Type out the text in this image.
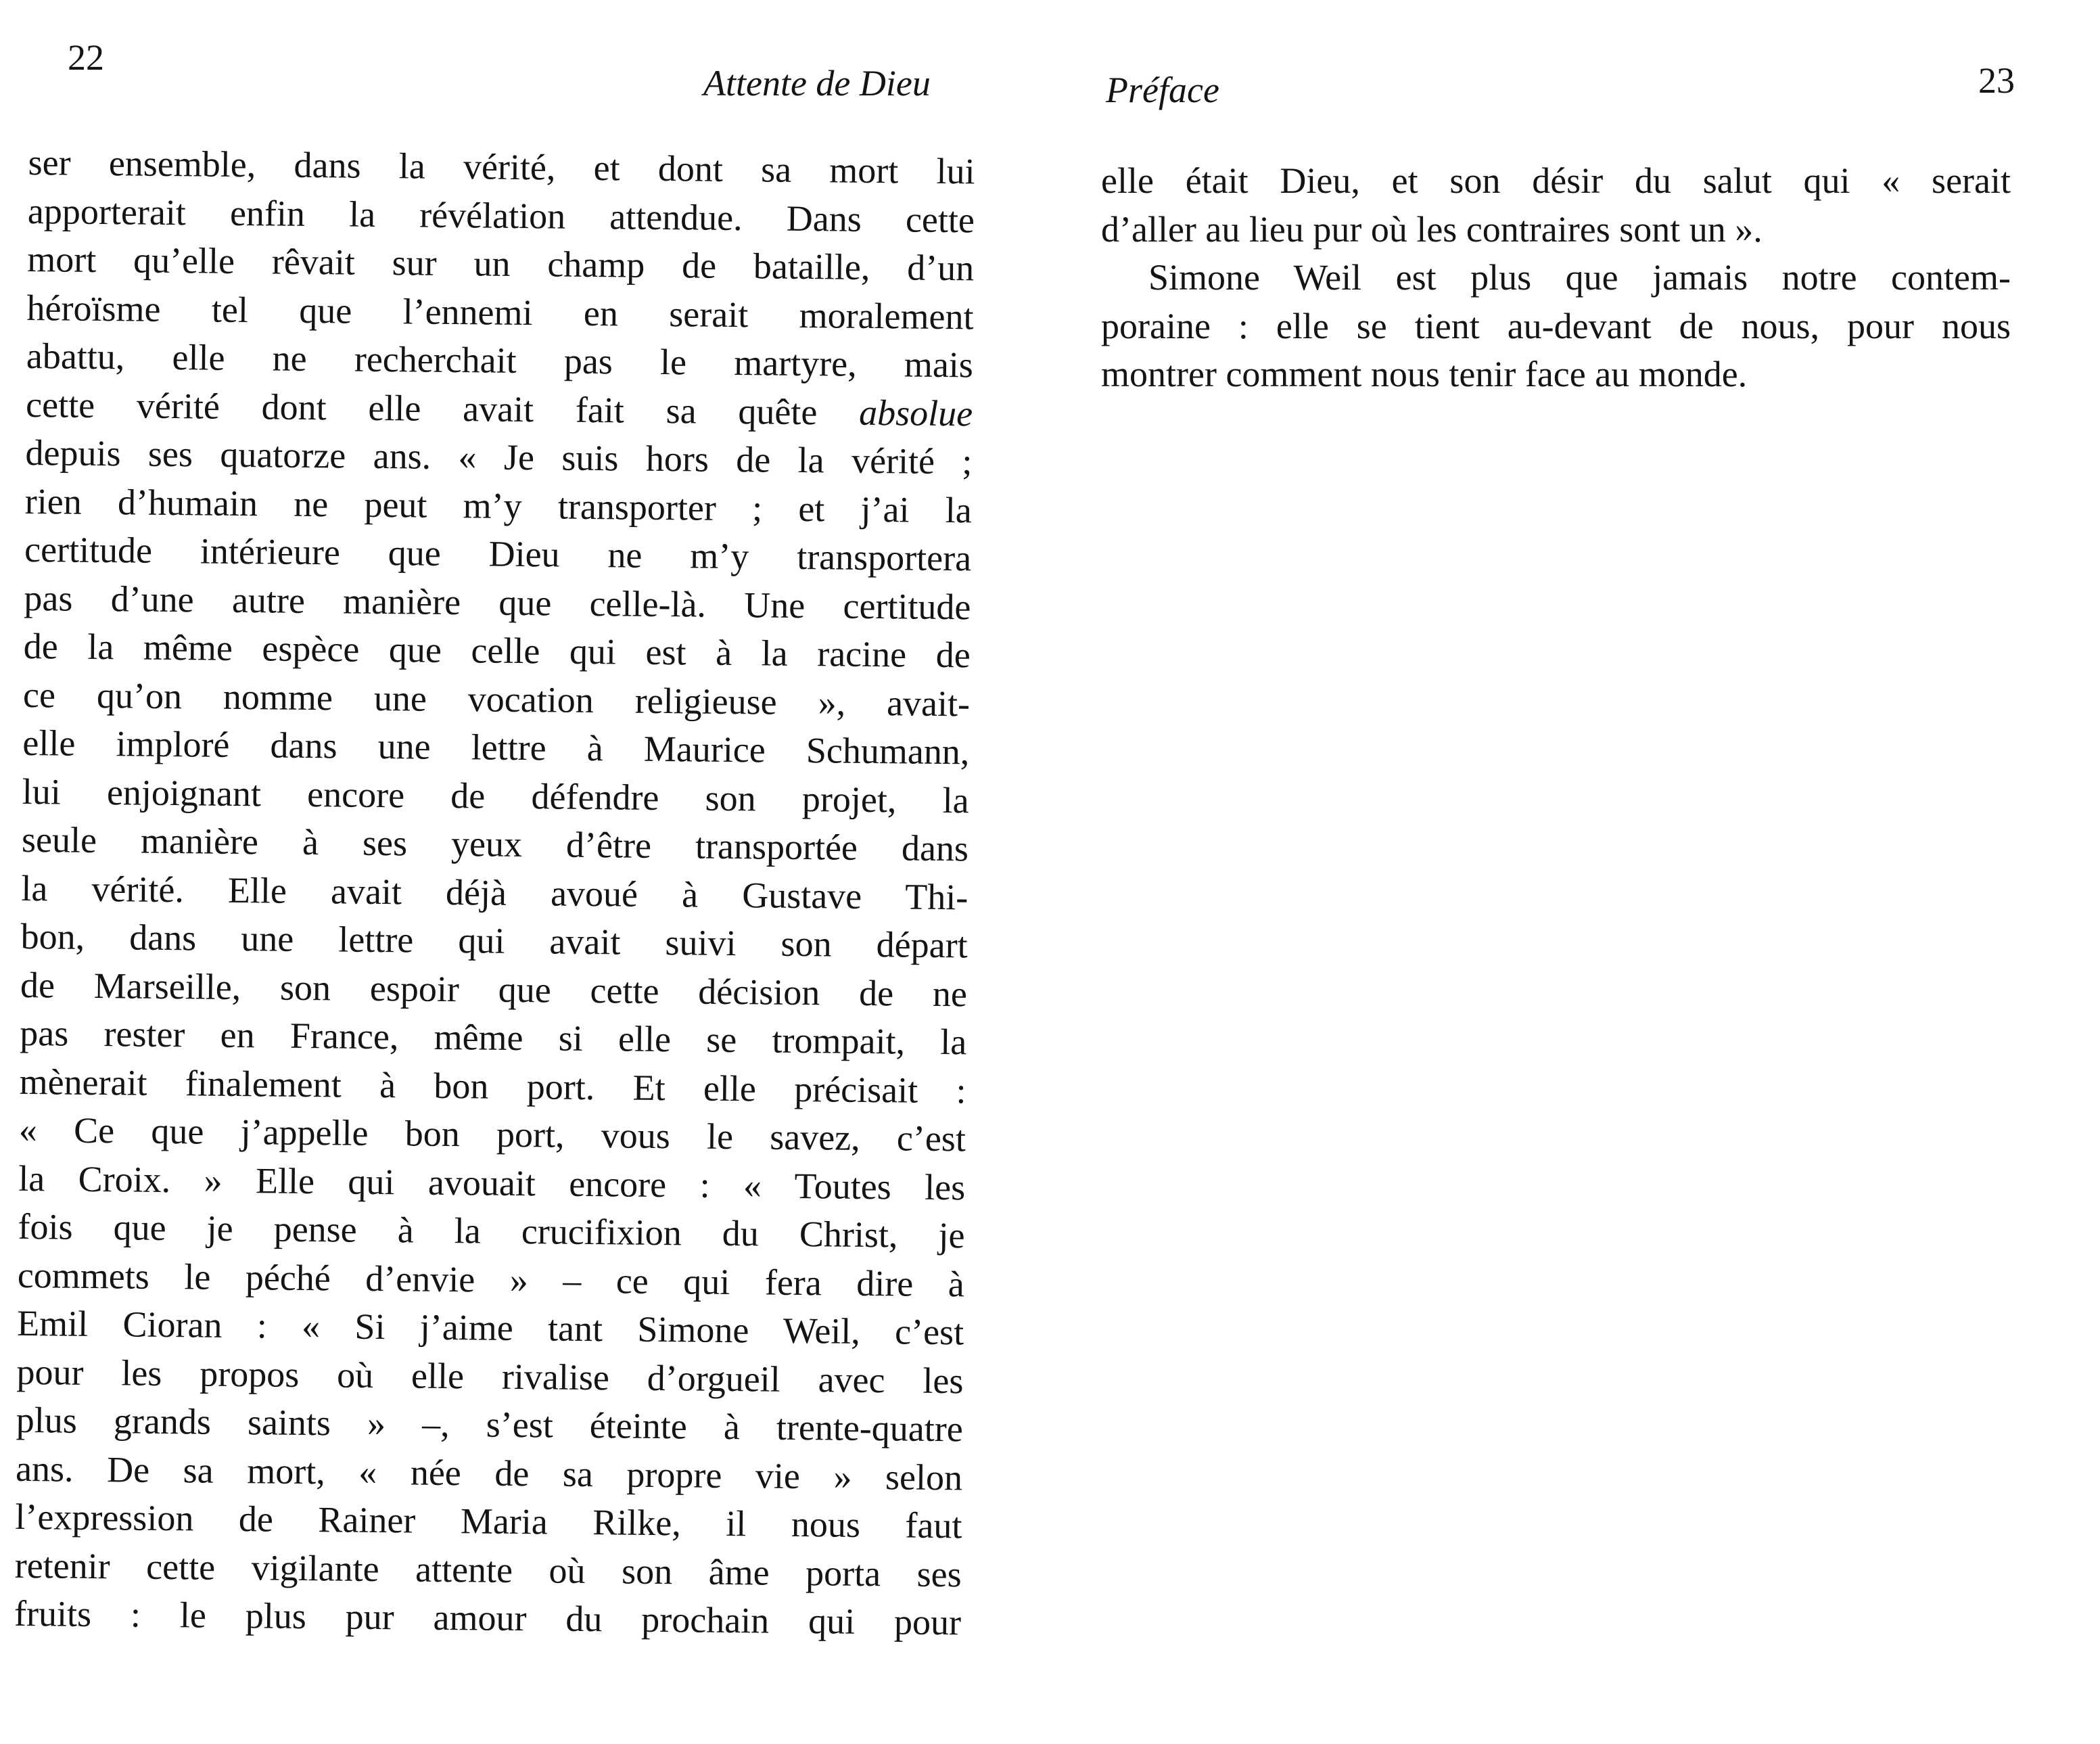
22
Attente de Dieu
ser ensemble, dans la vérité, et dont sa mort lui
apporterait enfin la révélation attendue. Dans cette
mort qu’elle rêvait sur un champ de bataille, d’un
héroïsme tel que l’ennemi en serait moralement
abattu, elle ne recherchait pas le martyre, mais
cette vérité dont elle avait fait sa quête absolue
depuis ses quatorze ans. « Je suis hors de la vérité ;
rien d’humain ne peut m’y transporter ; et j’ai la
certitude intérieure que Dieu ne m’y transportera
pas d’une autre manière que celle-là. Une certitude
de la même espèce que celle qui est à la racine de
ce qu’on nomme une vocation religieuse », avait-
elle imploré dans une lettre à Maurice Schumann,
lui enjoignant encore de défendre son projet, la
seule manière à ses yeux d’être transportée dans
la vérité. Elle avait déjà avoué à Gustave Thi-
bon, dans une lettre qui avait suivi son départ
de Marseille, son espoir que cette décision de ne
pas rester en France, même si elle se trompait, la
mènerait finalement à bon port. Et elle précisait :
« Ce que j’appelle bon port, vous le savez, c’est
la Croix. » Elle qui avouait encore : « Toutes les
fois que je pense à la crucifixion du Christ, je
commets le péché d’envie » – ce qui fera dire à
Emil Cioran : « Si j’aime tant Simone Weil, c’est
pour les propos où elle rivalise d’orgueil avec les
plus grands saints » –, s’est éteinte à trente-quatre
ans. De sa mort, « née de sa propre vie » selon
l’expression de Rainer Maria Rilke, il nous faut
retenir cette vigilante attente où son âme porta ses
fruits : le plus pur amour du prochain qui pour
23
Préface
elle était Dieu, et son désir du salut qui « serait
d’aller au lieu pur où les contraires sont un ».
Simone Weil est plus que jamais notre contem-
poraine : elle se tient au-devant de nous, pour nous
montrer comment nous tenir face au monde.
